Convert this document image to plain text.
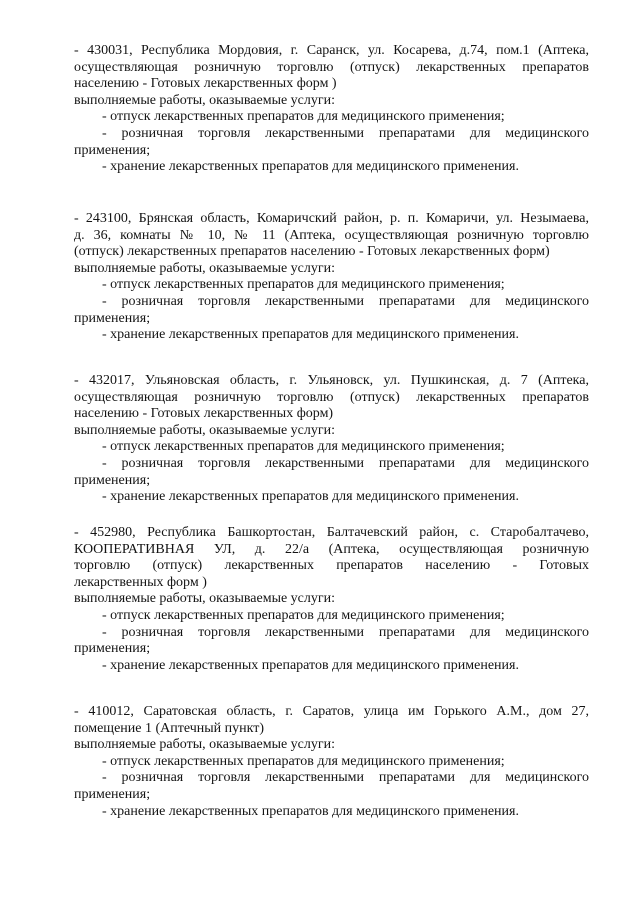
- 430031, Республика Мордовия, г. Саранск, ул. Косарева, д.74, пом.1 (Аптека,
осуществляющая розничную торговлю (отпуск) лекарственных препаратов
населению - Готовых лекарственных форм )
выполняемые работы, оказываемые услуги:
- отпуск лекарственных препаратов для медицинского применения;
- розничная торговля лекарственными препаратами для медицинского
применения;
- хранение лекарственных препаратов для медицинского применения.
- 243100, Брянская область, Комаричский район, р. п. Комаричи, ул. Незымаева,
д. 36, комнаты № 10, № 11 (Аптека, осуществляющая розничную торговлю
(отпуск) лекарственных препаратов населению - Готовых лекарственных форм)
выполняемые работы, оказываемые услуги:
- отпуск лекарственных препаратов для медицинского применения;
- розничная торговля лекарственными препаратами для медицинского
применения;
- хранение лекарственных препаратов для медицинского применения.
- 432017, Ульяновская область, г. Ульяновск, ул. Пушкинская, д. 7 (Аптека,
осуществляющая розничную торговлю (отпуск) лекарственных препаратов
населению - Готовых лекарственных форм)
выполняемые работы, оказываемые услуги:
- отпуск лекарственных препаратов для медицинского применения;
- розничная торговля лекарственными препаратами для медицинского
применения;
- хранение лекарственных препаратов для медицинского применения.
- 452980, Республика Башкортостан, Балтачевский район, с. Старобалтачево,
КООПЕРАТИВНАЯ УЛ, д. 22/а (Аптека, осуществляющая розничную
торговлю (отпуск) лекарственных препаратов населению - Готовых
лекарственных форм )
выполняемые работы, оказываемые услуги:
- отпуск лекарственных препаратов для медицинского применения;
- розничная торговля лекарственными препаратами для медицинского
применения;
- хранение лекарственных препаратов для медицинского применения.
- 410012, Саратовская область, г. Саратов, улица им Горького А.М., дом 27,
помещение 1 (Аптечный пункт)
выполняемые работы, оказываемые услуги:
- отпуск лекарственных препаратов для медицинского применения;
- розничная торговля лекарственными препаратами для медицинского
применения;
- хранение лекарственных препаратов для медицинского применения.
